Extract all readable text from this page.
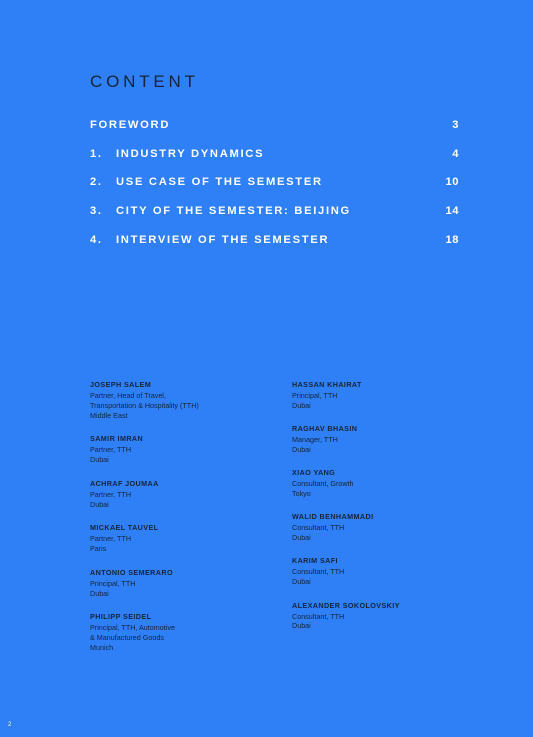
CONTENT
FOREWORD	3
1.	INDUSTRY DYNAMICS	4
2.	USE CASE OF THE SEMESTER	10
3.	CITY OF THE SEMESTER: BEIJING	14
4.	INTERVIEW OF THE SEMESTER	18
JOSEPH SALEM
Partner, Head of Travel,
Transportation & Hospitality (TTH)
Middle East
SAMIR IMRAN
Partner, TTH
Dubai
ACHRAF JOUMAA
Partner, TTH
Dubai
MICKAEL TAUVEL
Partner, TTH
Paris
ANTONIO SEMERARO
Principal, TTH
Dubai
PHILIPP SEIDEL
Principal, TTH, Automotive
& Manufactured Goods
Munich
HASSAN KHAIRAT
Principal, TTH
Dubai
RAGHAV BHASIN
Manager, TTH
Dubai
XIAO YANG
Consultant, Growth
Tokyo
WALID BENHAMMADI
Consultant, TTH
Dubai
KARIM SAFI
Consultant, TTH
Dubai
ALEXANDER SOKOLOVSKIY
Consultant, TTH
Dubai
2
